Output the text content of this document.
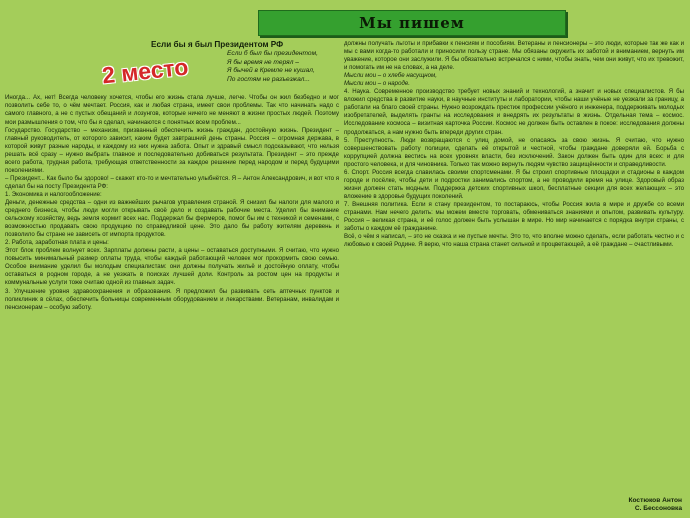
Мы пишем
Если бы я был Президентом РФ
Если б был бы президентом,
Я бы время не терял –
Я бычей в Кремле не кушал,
По гостям не разъезжал...
2 место

Иногда... Ах, нет! Всегда человеку хочется, чтобы его жизнь стала лучше, легче. Чтобы он жил безбедно и мог позволить себе то, о чём мечтает. Россия, как и любая страна, имеет свои проблемы. Так что начинать надо с самого главного, а не с пустых обещаний и лозунгов, которые ничего не меняют в жизни простых людей. Поэтому мои размышления о том, что бы я сделал, начинаются с понятных всем проблем...

Государство. Государство – механизм, призванный обеспечить жизнь граждан, достойную жизнь. Президент – главный руководитель, от которого зависит, каким будет завтрашний день страны. Россия – огромная держава, в которой живут разные народы, и каждому из них нужна забота. Опыт и здравый смысл подсказывают, что нельзя решать всё сразу – нужно выбрать главное и последовательно добиваться результата. Президент – это прежде всего работа, трудная работа, требующая ответственности за каждое решение перед народом и перед будущими поколениями.

– Президент... Как было бы здорово! – скажет кто-то и мечтательно улыбнётся. Я – Антон Александрович, и вот что я сделал бы на посту Президента РФ:

1. Экономика и налогообложение:

Деньги, денежные средства – одни из важнейших рычагов управления страной. Я снизил бы налоги для малого и среднего бизнеса, чтобы люди могли открывать своё дело и создавать рабочие места. Уделил бы внимание сельскому хозяйству, ведь земля кормит всех нас. Поддержал бы фермеров, помог бы им с техникой и семенами, с возможностью продавать свою продукцию по справедливой цене. Это дало бы работу жителям деревень и позволило бы стране не зависеть от импорта продуктов.

2. Работа, заработная плата и цены:

Этот блок проблем волнует всех. Зарплаты должны расти, а цены – оставаться доступными. Я считаю, что нужно повысить минимальный размер оплаты труда, чтобы каждый работающий человек мог прокормить свою семью. Особое внимание уделил бы молодым специалистам: они должны получать жильё и достойную оплату, чтобы оставаться в родном городе, а не уезжать в поисках лучшей доли. Контроль за ростом цен на продукты и коммунальные услуги тоже считаю одной из главных задач.

3. Улучшение уровня здравоохранения и образования. Я предложил бы развивать сеть аптечных пунктов и поликлиник в сёлах, обеспечить больницы современным оборудованием и лекарствами. Ветеранам, инвалидам и пенсионерам – особую заботу.

должны получать льготы и прибавки к пенсиям и пособиям. Ветераны и пенсионеры – это люди, которые так же как и мы с вами когда-то работали и приносили пользу стране. Мы обязаны окружить их заботой и вниманием, вернуть им уважение, которое они заслужили. Я бы обязательно встречался с ними, чтобы знать, чем они живут, что их тревожит, и помогать им не на словах, а на деле.

Мысли мои – о хлебе насущном,

Мысли мои – о народе.

4. Наука. Современное производство требует новых знаний и технологий, а значит и новых специалистов. Я бы вложил средства в развитие науки, в научные институты и лаборатории, чтобы наши учёные не уезжали за границу, а работали на благо своей страны. Нужно возрождать престиж профессии учёного и инженера, поддерживать молодых изобретателей, выделять гранты на исследования и внедрять их результаты в жизнь. Отдельная тема – космос. Исследование космоса – визитная карточка России. Космос не должен быть оставлен в покое: исследования должны продолжаться, а нам нужно быть впереди других стран.

5. Преступность. Люди возвращаются с улиц домой, не опасаясь за свою жизнь. Я считаю, что нужно совершенствовать работу полиции, сделать её открытой и честной, чтобы граждане доверяли ей. Борьба с коррупцией должна вестись на всех уровнях власти, без исключений. Закон должен быть один для всех: и для простого человека, и для чиновника. Только так можно вернуть людям чувство защищённости и справедливости.

6. Спорт. Россия всегда славилась своими спортсменами. Я бы строил спортивные площадки и стадионы в каждом городе и посёлке, чтобы дети и подростки занимались спортом, а не проводили время на улице. Здоровый образ жизни должен стать модным. Поддержка детских спортивных школ, бесплатные секции для всех желающих – это вложение в здоровье будущих поколений.

7. Внешняя политика. Если я стану президентом, то постараюсь, чтобы Россия жила в мире и дружбе со всеми странами. Нам нечего делить: мы можем вместе торговать, обмениваться знаниями и опытом, развивать культуру. Россия – великая страна, и её голос должен быть услышан в мире. Но мир начинается с порядка внутри страны, с заботы о каждом её гражданине.

Всё, о чём я написал, – это не сказка и не пустые мечты. Это то, что вполне можно сделать, если работать честно и с любовью к своей Родине. Я верю, что наша страна станет сильной и процветающей, а её граждане – счастливыми.

Костюков Антон
С. Бессоновка
